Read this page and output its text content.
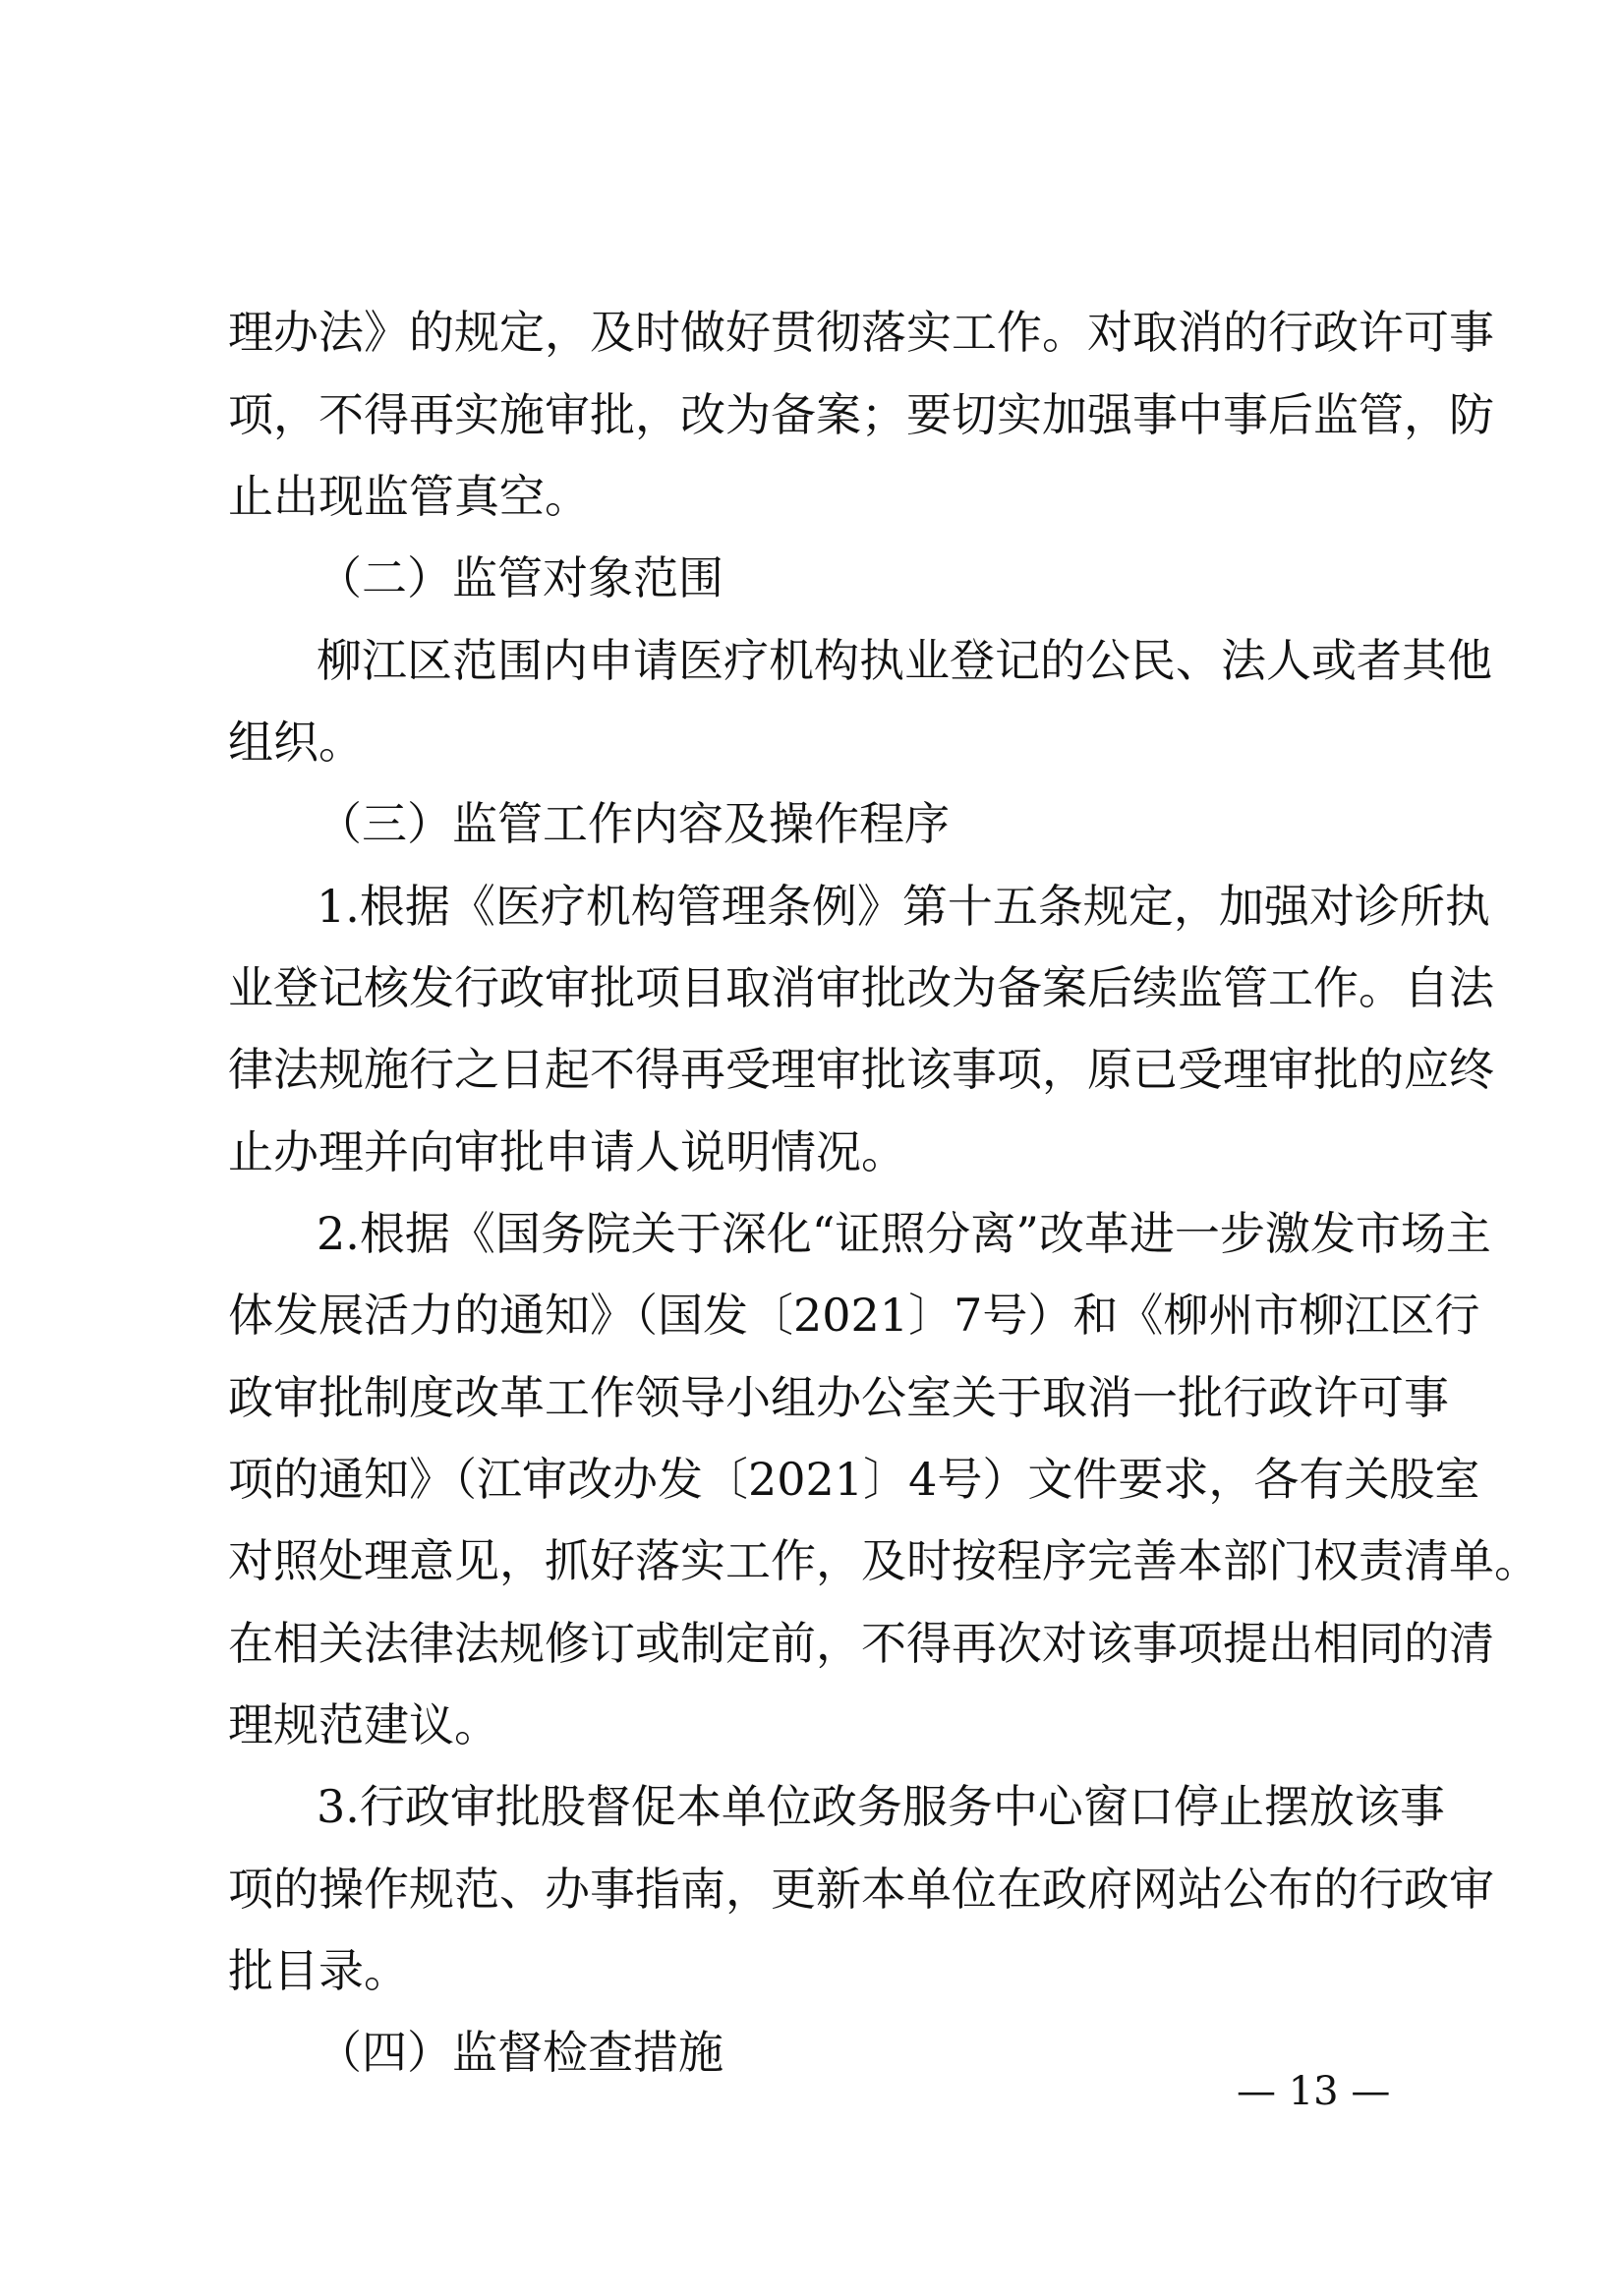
理办法》的规定，及时做好贯彻落实工作。对取消的行政许可事
项，不得再实施审批，改为备案；要切实加强事中事后监管，防
止出现监管真空。
（二）监管对象范围
柳江区范围内申请医疗机构执业登记的公民、法人或者其他
组织。
（三）监管工作内容及操作程序
1.根据《医疗机构管理条例》第十五条规定，加强对诊所执
业登记核发行政审批项目取消审批改为备案后续监管工作。自法
律法规施行之日起不得再受理审批该事项，原已受理审批的应终
止办理并向审批申请人说明情况。
2.根据《国务院关于深化“证照分离”改革进一步激发市场主
体发展活力的通知》（国发〔2021〕7号）和《柳州市柳江区行
政审批制度改革工作领导小组办公室关于取消一批行政许可事
项的通知》（江审改办发〔2021〕4号）文件要求，各有关股室
对照处理意见，抓好落实工作，及时按程序完善本部门权责清单。
在相关法律法规修订或制定前，不得再次对该事项提出相同的清
理规范建议。
3.行政审批股督促本单位政务服务中心窗口停止摆放该事
项的操作规范、办事指南，更新本单位在政府网站公布的行政审
批目录。
（四）监督检查措施
— 13 —
